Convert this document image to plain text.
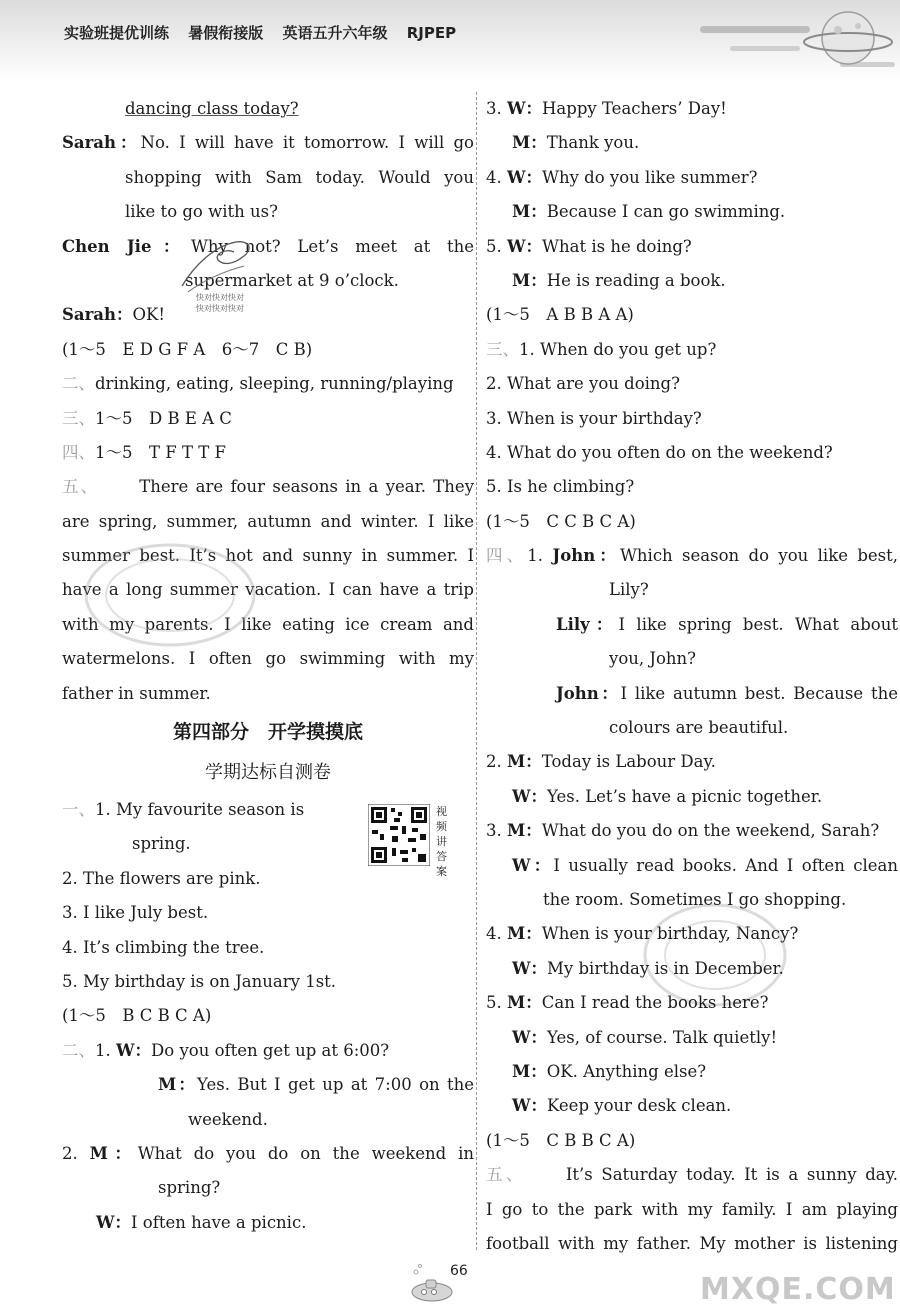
实验班提优训练 暑假衔接版 英语五升六年级 RJPEP
dancing class today?
Sarah：No. I will have it tomorrow. I will go
shopping with Sam today. Would you
like to go with us?
Chen Jie：Why not? Let’s meet at the
supermarket at 9 o’clock.
Sarah：OK!
(1～5　E D G F A　6～7　C B)
二、drinking, eating, sleeping, running/playing
三、1～5　D B E A C
四、1～5　T F T T F
五、 There are four seasons in a year. They
are spring, summer, autumn and winter. I like
summer best. It’s hot and sunny in summer. I
have a long summer vacation. I can have a trip
with my parents. I like eating ice cream and
watermelons. I often go swimming with my
father in summer.
第四部分　开学摸摸底
学期达标自测卷
一、1. My favourite season is
spring.
2. The flowers are pink.
3. I like July best.
4. It’s climbing the tree.
5. My birthday is on January 1st.
(1～5　B C B C A)
二、1. W：Do you often get up at 6:00?
M：Yes. But I get up at 7:00 on the
weekend.
2. M：What do you do on the weekend in
spring?
W：I often have a picnic.
视频讲答案
快对快对快对
快对快对快对
3. W：Happy Teachers’ Day!
M：Thank you.
4. W：Why do you like summer?
M：Because I can go swimming.
5. W：What is he doing?
M：He is reading a book.
(1～5　A B B A A)
三、1. When do you get up?
2. What are you doing?
3. When is your birthday?
4. What do you often do on the weekend?
5. Is he climbing?
(1～5　C C B C A)
四、1. John：Which season do you like best,
Lily?
Lily：I like spring best. What about
you, John?
John：I like autumn best. Because the
colours are beautiful.
2. M：Today is Labour Day.
W：Yes. Let’s have a picnic together.
3. M：What do you do on the weekend, Sarah?
W：I usually read books. And I often clean
the room. Sometimes I go shopping.
4. M：When is your birthday, Nancy?
W：My birthday is in December.
5. M：Can I read the books here?
W：Yes, of course. Talk quietly!
M：OK. Anything else?
W：Keep your desk clean.
(1～5　C B B C A)
五、 It’s Saturday today. It is a sunny day.
I go to the park with my family. I am playing
football with my father. My mother is listening
66
MXQE.COM
